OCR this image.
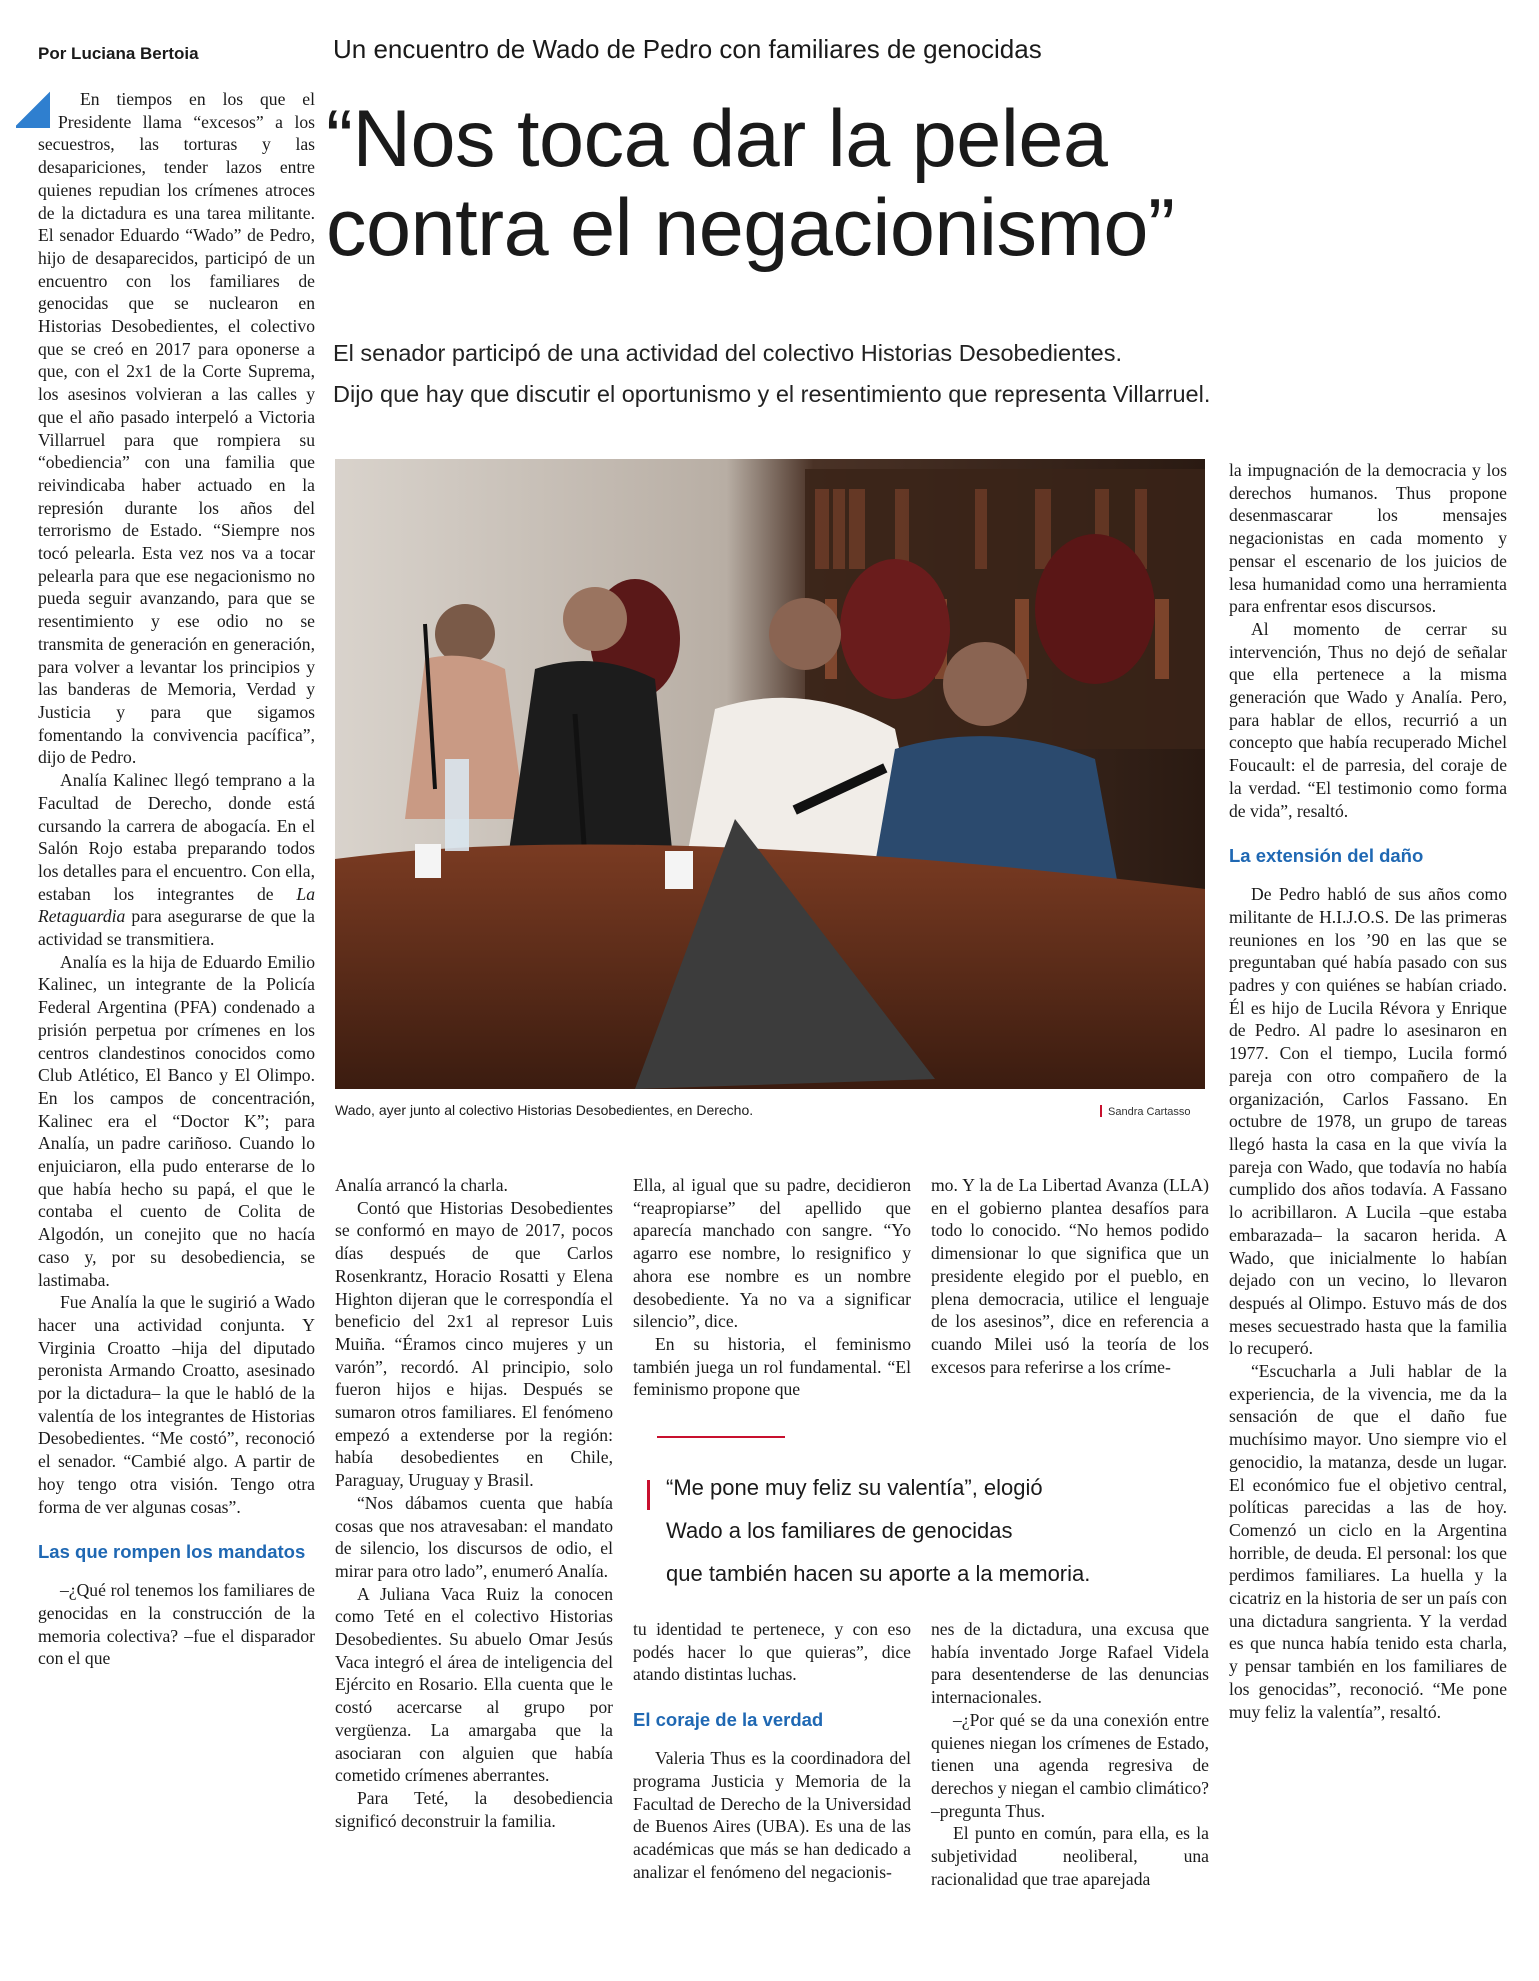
Por Luciana Bertoia	Un encuentro de Wado de Pedro con familiares de genocidas
“Nos toca dar la pelea
contra el negacionismo”
El senador participó de una actividad del colectivo Historias Desobedientes.
Dijo que hay que discutir el oportunismo y el resentimiento que representa Villarruel.

En tiempos en los que el Presidente llama “excesos” a los secuestros, las torturas y las desapariciones, tender lazos entre quienes repudian los crímenes atroces de la dictadura es una tarea militante. El senador Eduardo “Wado” de Pedro, hijo de desaparecidos, participó de un encuentro con los familiares de genocidas que se nuclearon en Historias Desobedientes, el colectivo que se creó en 2017 para oponerse a que, con el 2x1 de la Corte Suprema, los asesinos volvieran a las calles y que el año pasado interpeló a Victoria Villarruel para que rompiera su “obediencia” con una familia que reivindicaba haber actuado en la represión durante los años del terrorismo de Estado. “Siempre nos tocó pelearla. Esta vez nos va a tocar pelearla para que ese negacionismo no pueda seguir avanzando, para que se resentimiento y ese odio no se transmita de generación en generación, para volver a levantar los principios y las banderas de Memoria, Verdad y Justicia y para que sigamos fomentando la convivencia pacífica”, dijo de Pedro.

Analía Kalinec llegó temprano a la Facultad de Derecho, donde está cursando la carrera de abogacía. En el Salón Rojo estaba preparando todos los detalles para el encuentro. Con ella, estaban los integrantes de La Retaguardia para asegurarse de que la actividad se transmitiera.

Analía es la hija de Eduardo Emilio Kalinec, un integrante de la Policía Federal Argentina (PFA) condenado a prisión perpetua por crímenes en los centros clandestinos conocidos como Club Atlético, El Banco y El Olimpo. En los campos de concentración, Kalinec era el “Doctor K”; para Analía, un padre cariñoso. Cuando lo enjuiciaron, ella pudo enterarse de lo que había hecho su papá, el que le contaba el cuento de Colita de Algodón, un conejito que no hacía caso y, por su desobediencia, se lastimaba.

Fue Analía la que le sugirió a Wado hacer una actividad conjunta. Y Virginia Croatto –hija del diputado peronista Armando Croatto, asesinado por la dictadura– la que le habló de la valentía de los integrantes de Historias Desobedientes. “Me costó”, reconoció el senador. “Cambié algo. A partir de hoy tengo otra visión. Tengo otra forma de ver algunas cosas”.

Las que rompen los mandatos

–¿Qué rol tenemos los familiares de genocidas en la construcción de la memoria colectiva? –fue el disparador con el que

Wado, ayer junto al colectivo Historias Desobedientes, en Derecho.	Sandra Cartasso

Analía arrancó la charla.

Contó que Historias Desobedientes se conformó en mayo de 2017, pocos días después de que Carlos Rosenkrantz, Horacio Rosatti y Elena Highton dijeran que le correspondía el beneficio del 2x1 al represor Luis Muiña. “Éramos cinco mujeres y un varón”, recordó. Al principio, solo fueron hijos e hijas. Después se sumaron otros familiares. El fenómeno empezó a extenderse por la región: había desobedientes en Chile, Paraguay, Uruguay y Brasil.

“Nos dábamos cuenta que había cosas que nos atravesaban: el mandato de silencio, los discursos de odio, el mirar para otro lado”, enumeró Analía.

A Juliana Vaca Ruiz la conocen como Teté en el colectivo Historias Desobedientes. Su abuelo Omar Jesús Vaca integró el área de inteligencia del Ejército en Rosario. Ella cuenta que le costó acercarse al grupo por vergüenza. La amargaba que la asociaran con alguien que había cometido crímenes aberrantes.

Para Teté, la desobediencia significó deconstruir la familia.

Ella, al igual que su padre, decidieron “reapropiarse” del apellido que aparecía manchado con sangre. “Yo agarro ese nombre, lo resignifico y ahora ese nombre es un nombre desobediente. Ya no va a significar silencio”, dice.

En su historia, el feminismo también juega un rol fundamental. “El feminismo propone que

mo. Y la de La Libertad Avanza (LLA) en el gobierno plantea desafíos para todo lo conocido. “No hemos podido dimensionar lo que significa que un presidente elegido por el pueblo, en plena democracia, utilice el lenguaje de los asesinos”, dice en referencia a cuando Milei usó la teoría de los excesos para referirse a los críme-

“Me pone muy feliz su valentía”, elogió
Wado a los familiares de genocidas
que también hacen su aporte a la memoria.

tu identidad te pertenece, y con eso podés hacer lo que quieras”, dice atando distintas luchas.

El coraje de la verdad

Valeria Thus es la coordinadora del programa Justicia y Memoria de la Facultad de Derecho de la Universidad de Buenos Aires (UBA). Es una de las académicas que más se han dedicado a analizar el fenómeno del negacionis-

nes de la dictadura, una excusa que había inventado Jorge Rafael Videla para desentenderse de las denuncias internacionales.

–¿Por qué se da una conexión entre quienes niegan los crímenes de Estado, tienen una agenda regresiva de derechos y niegan el cambio climático? –pregunta Thus.

El punto en común, para ella, es la subjetividad neoliberal, una racionalidad que trae aparejada

la impugnación de la democracia y los derechos humanos. Thus propone desenmascarar los mensajes negacionistas en cada momento y pensar el escenario de los juicios de lesa humanidad como una herramienta para enfrentar esos discursos.

Al momento de cerrar su intervención, Thus no dejó de señalar que ella pertenece a la misma generación que Wado y Analía. Pero, para hablar de ellos, recurrió a un concepto que había recuperado Michel Foucault: el de parresia, del coraje de la verdad. “El testimonio como forma de vida”, resaltó.

La extensión del daño

De Pedro habló de sus años como militante de H.I.J.O.S. De las primeras reuniones en los ’90 en las que se preguntaban qué había pasado con sus padres y con quiénes se habían criado. Él es hijo de Lucila Révora y Enrique de Pedro. Al padre lo asesinaron en 1977. Con el tiempo, Lucila formó pareja con otro compañero de la organización, Carlos Fassano. En octubre de 1978, un grupo de tareas llegó hasta la casa en la que vivía la pareja con Wado, que todavía no había cumplido dos años todavía. A Fassano lo acribillaron. A Lucila –que estaba embarazada– la sacaron herida. A Wado, que inicialmente lo habían dejado con un vecino, lo llevaron después al Olimpo. Estuvo más de dos meses secuestrado hasta que la familia lo recuperó.

“Escucharla a Juli hablar de la experiencia, de la vivencia, me da la sensación de que el daño fue muchísimo mayor. Uno siempre vio el genocidio, la matanza, desde un lugar. El económico fue el objetivo central, políticas parecidas a las de hoy. Comenzó un ciclo en la Argentina horrible, de deuda. El personal: los que perdimos familiares. La huella y la cicatriz en la historia de ser un país con una dictadura sangrienta. Y la verdad es que nunca había tenido esta charla, y pensar también en los familiares de los genocidas”, reconoció. “Me pone muy feliz la valentía”, resaltó.
